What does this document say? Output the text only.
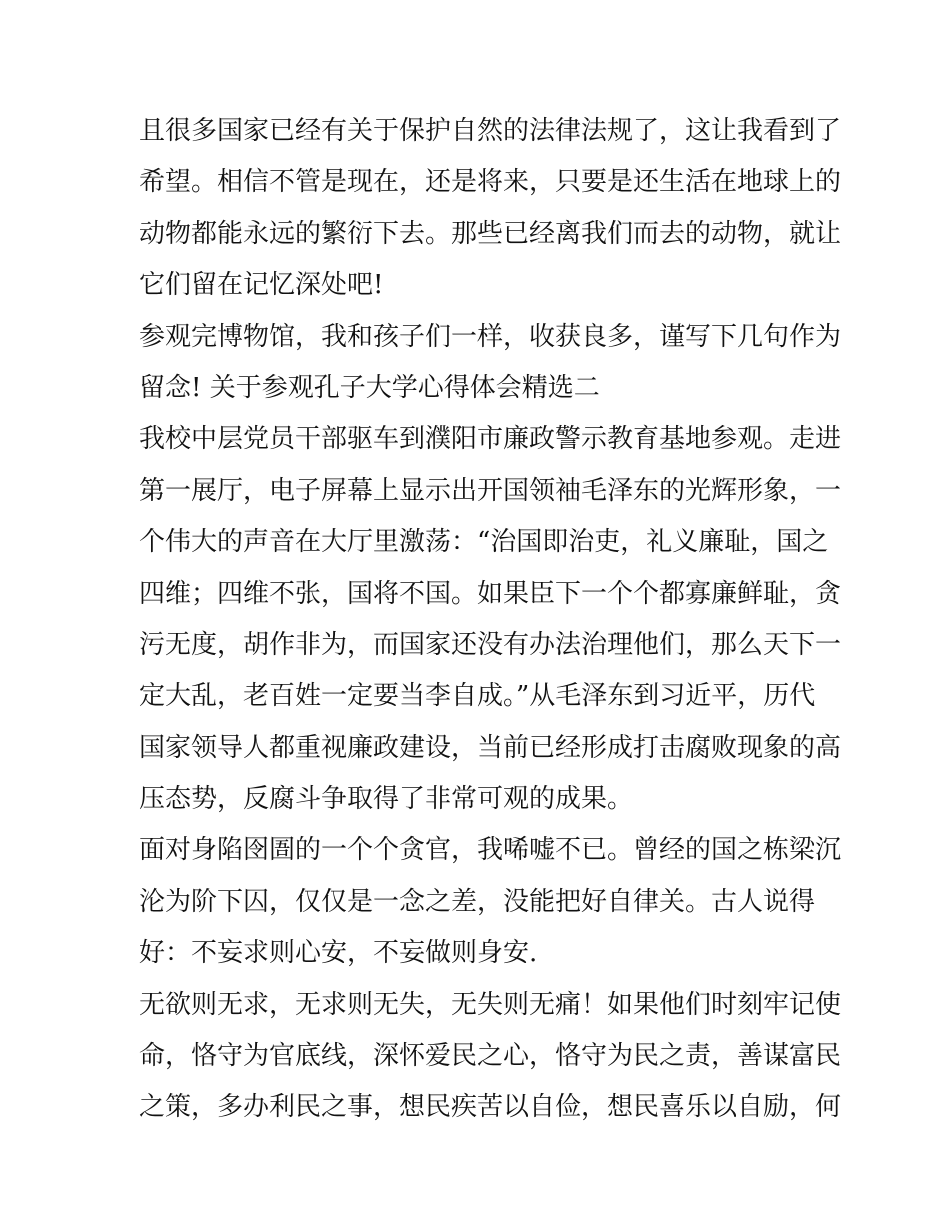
且很多国家已经有关于保护自然的法律法规了，这让我看到了
希望。相信不管是现在，还是将来，只要是还生活在地球上的
动物都能永远的繁衍下去。那些已经离我们而去的动物，就让
它们留在记忆深处吧!
参观完博物馆，我和孩子们一样，收获良多，谨写下几句作为
留念! 关于参观孔子大学心得体会精选二
我校中层党员干部驱车到濮阳市廉政警示教育基地参观。走进
第一展厅，电子屏幕上显示出开国领袖毛泽东的光辉形象，一
个伟大的声音在大厅里激荡：“治国即治吏，礼义廉耻，国之
四维；四维不张，国将不国。如果臣下一个个都寡廉鲜耻，贪
污无度，胡作非为，而国家还没有办法治理他们，那么天下一
定大乱，老百姓一定要当李自成。”从毛泽东到习近平，历代
国家领导人都重视廉政建设，当前已经形成打击腐败现象的高
压态势，反腐斗争取得了非常可观的成果。
面对身陷囹圄的一个个贪官，我唏嘘不已。曾经的国之栋梁沉
沦为阶下囚，仅仅是一念之差，没能把好自律关。古人说得
好：不妄求则心安，不妄做则身安.
无欲则无求，无求则无失，无失则无痛！如果他们时刻牢记使
命，恪守为官底线，深怀爱民之心，恪守为民之责，善谋富民
之策，多办利民之事，想民疾苦以自俭，想民喜乐以自励，何
